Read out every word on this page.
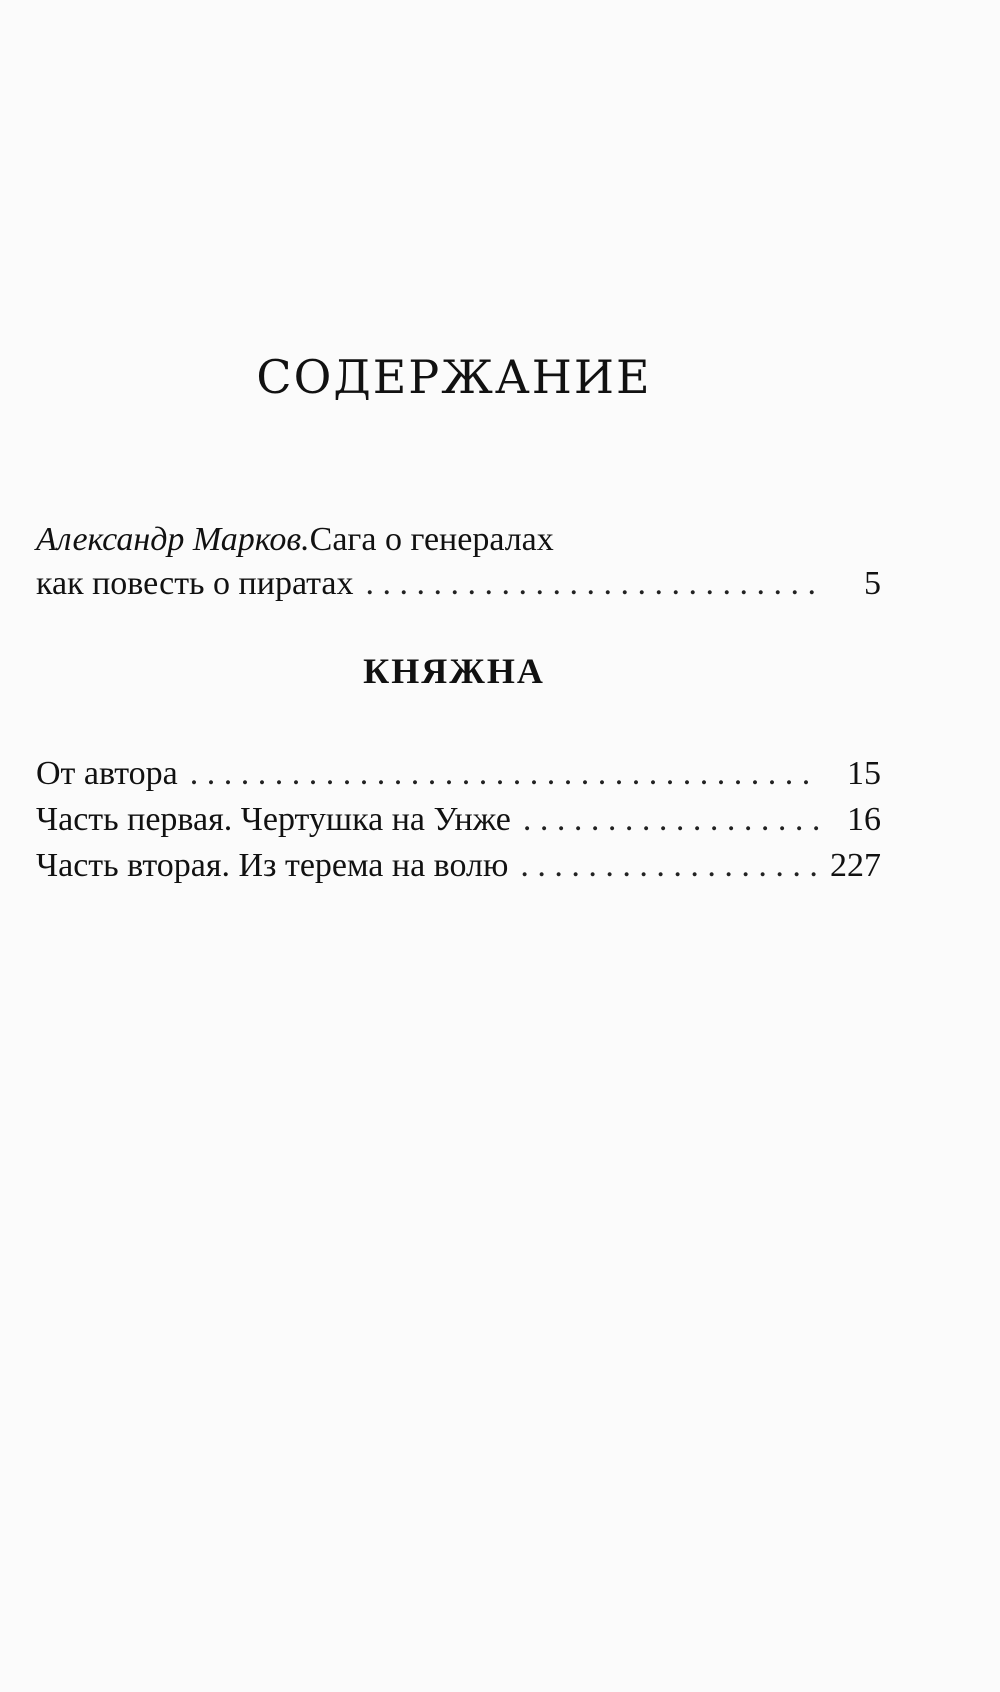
СОДЕРЖАНИЕ
Александр Марков. Сага о генералах
как повесть о пиратах . . .	5
КНЯЖНА
От автора . . .	15
Часть первая. Чертушка на Унже . . .	16
Часть вторая. Из терема на волю . . .	227
